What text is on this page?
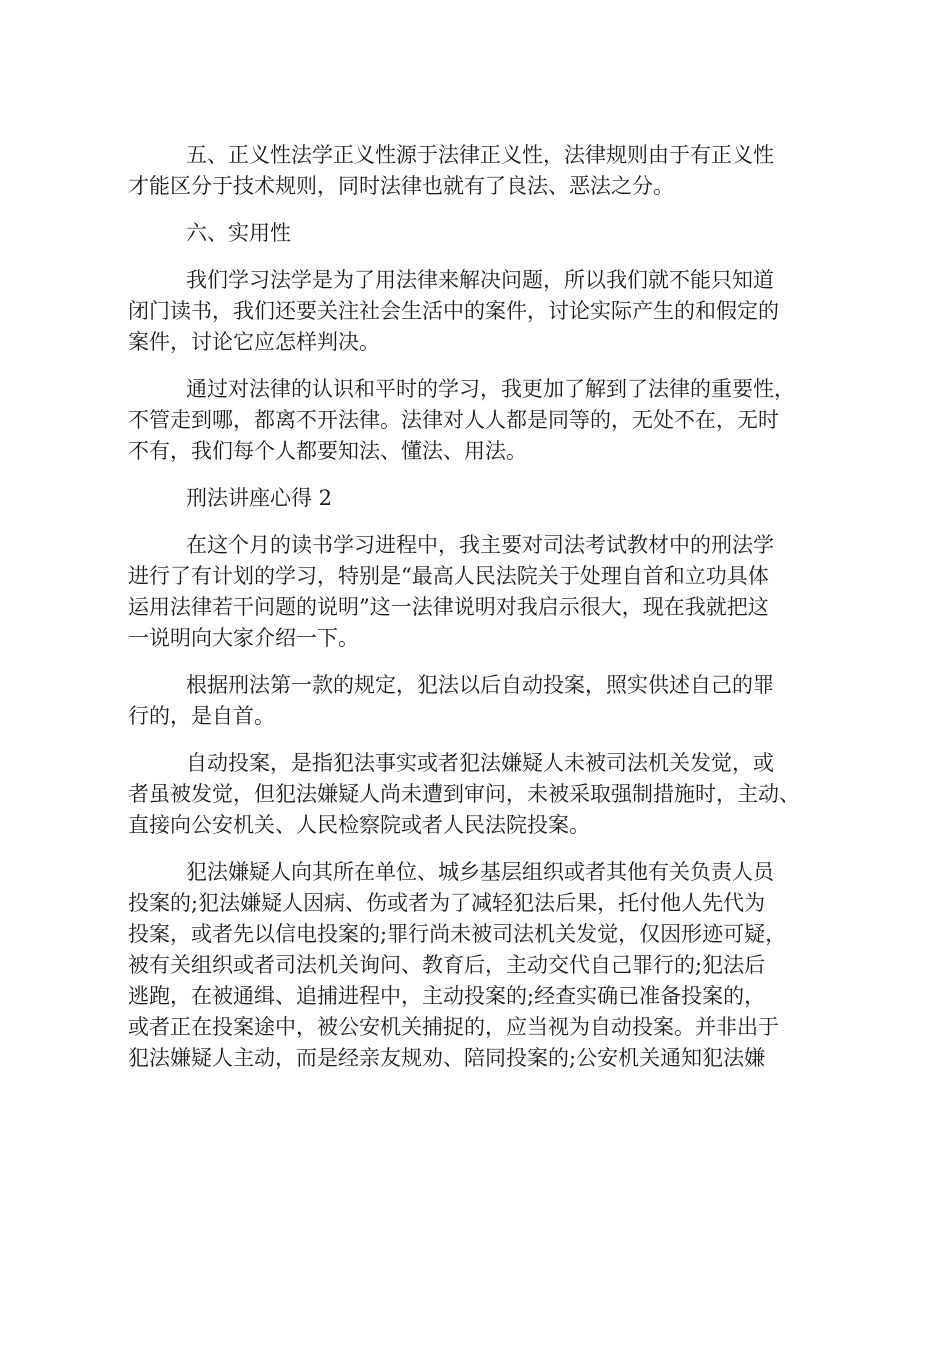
五、正义性法学正义性源于法律正义性，法律规则由于有正义性
才能区分于技术规则，同时法律也就有了良法、恶法之分。
六、实用性
我们学习法学是为了用法律来解决问题，所以我们就不能只知道
闭门读书，我们还要关注社会生活中的案件，讨论实际产生的和假定的
案件，讨论它应怎样判决。
通过对法律的认识和平时的学习，我更加了解到了法律的重要性，
不管走到哪，都离不开法律。法律对人人都是同等的，无处不在，无时
不有，我们每个人都要知法、懂法、用法。
刑法讲座心得 2
在这个月的读书学习进程中，我主要对司法考试教材中的刑法学
进行了有计划的学习，特别是“最高人民法院关于处理自首和立功具体
运用法律若干问题的说明”这一法律说明对我启示很大，现在我就把这
一说明向大家介绍一下。
根据刑法第一款的规定，犯法以后自动投案，照实供述自己的罪
行的，是自首。
自动投案，是指犯法事实或者犯法嫌疑人未被司法机关发觉，或
者虽被发觉，但犯法嫌疑人尚未遭到审问，未被采取强制措施时，主动、
直接向公安机关、人民检察院或者人民法院投案。
犯法嫌疑人向其所在单位、城乡基层组织或者其他有关负责人员
投案的;犯法嫌疑人因病、伤或者为了减轻犯法后果，托付他人先代为
投案，或者先以信电投案的;罪行尚未被司法机关发觉，仅因形迹可疑，
被有关组织或者司法机关询问、教育后，主动交代自己罪行的;犯法后
逃跑，在被通缉、追捕进程中，主动投案的;经查实确已准备投案的，
或者正在投案途中，被公安机关捕捉的，应当视为自动投案。并非出于
犯法嫌疑人主动，而是经亲友规劝、陪同投案的;公安机关通知犯法嫌
